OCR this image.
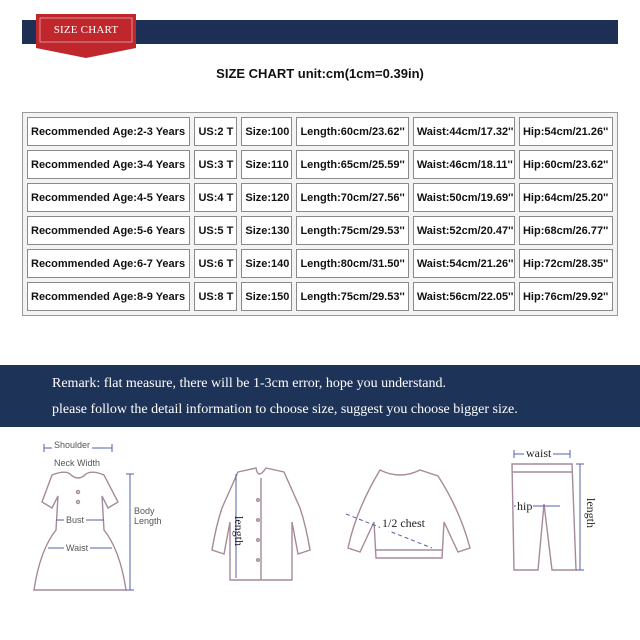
SIZE CHART
SIZE CHART unit:cm(1cm=0.39in)
Recommended Age:2-3 Years	US:2 T	Size:100	Length:60cm/23.62''	Waist:44cm/17.32''	Hip:54cm/21.26''
Recommended Age:3-4 Years	US:3 T	Size:110	Length:65cm/25.59''	Waist:46cm/18.11''	Hip:60cm/23.62''
Recommended Age:4-5 Years	US:4 T	Size:120	Length:70cm/27.56''	Waist:50cm/19.69''	Hip:64cm/25.20''
Recommended Age:5-6 Years	US:5 T	Size:130	Length:75cm/29.53''	Waist:52cm/20.47''	Hip:68cm/26.77''
Recommended Age:6-7 Years	US:6 T	Size:140	Length:80cm/31.50''	Waist:54cm/21.26''	Hip:72cm/28.35''
Recommended Age:8-9 Years	US:8 T	Size:150	Length:75cm/29.53''	Waist:56cm/22.05''	Hip:76cm/29.92''
Remark: flat measure, there will be 1-3cm error, hope you understand.
please follow the detail information to choose size, suggest you choose bigger size.
Shoulder
Neck Width
Bust
Waist
Body
Length	length	1/2 chest
waist
hip	length
